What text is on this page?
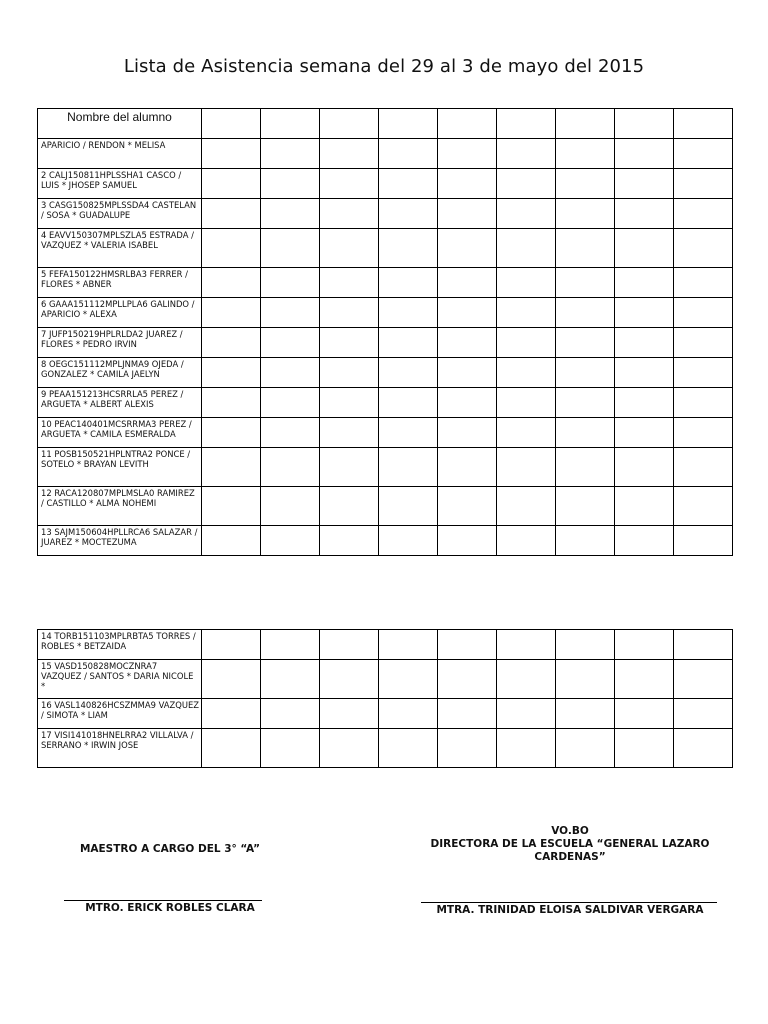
Lista de Asistencia semana del 29 al 3 de mayo del 2015
Nombre del alumno									
APARICIO / RENDON * MELISA									
2 CALJ150811HPLSSHA1 CASCO / LUIS * JHOSEP SAMUEL									
3 CASG150825MPLSSDA4 CASTELAN / SOSA * GUADALUPE									
4 EAVV150307MPLSZLA5 ESTRADA / VAZQUEZ * VALERIA ISABEL									
5 FEFA150122HMSRLBA3 FERRER / FLORES * ABNER									
6 GAAA151112MPLLPLA6 GALINDO / APARICIO * ALEXA									
7 JUFP150219HPLRLDA2 JUAREZ / FLORES * PEDRO IRVIN									
8 OEGC151112MPLJNMA9 OJEDA / GONZALEZ * CAMILA JAELYN									
9 PEAA151213HCSRRLA5 PEREZ / ARGUETA * ALBERT ALEXIS									
10 PEAC140401MCSRRMA3 PEREZ / ARGUETA * CAMILA ESMERALDA									
11 POSB150521HPLNTRA2 PONCE / SOTELO * BRAYAN LEVITH									
12 RACA120807MPLMSLA0 RAMIREZ / CASTILLO * ALMA NOHEMI									
13 SAJM150604HPLLRCA6 SALAZAR / JUAREZ * MOCTEZUMA									
14 TORB151103MPLRBTA5 TORRES / ROBLES * BETZAIDA									
15 VASD150828MOCZNRA7 VAZQUEZ / SANTOS * DARIA NICOLE *									
16 VASL140826HCSZMMA9 VAZQUEZ / SIMOTA * LIAM									
17 VISI141018HNELRRA2 VILLALVA / SERRANO * IRWIN JOSE									
MAESTRO A CARGO DEL 3° “A”
MTRO. ERICK ROBLES CLARA
VO.BO
DIRECTORA DE LA ESCUELA “GENERAL LAZARO CARDENAS”
MTRA. TRINIDAD ELOISA SALDIVAR VERGARA
